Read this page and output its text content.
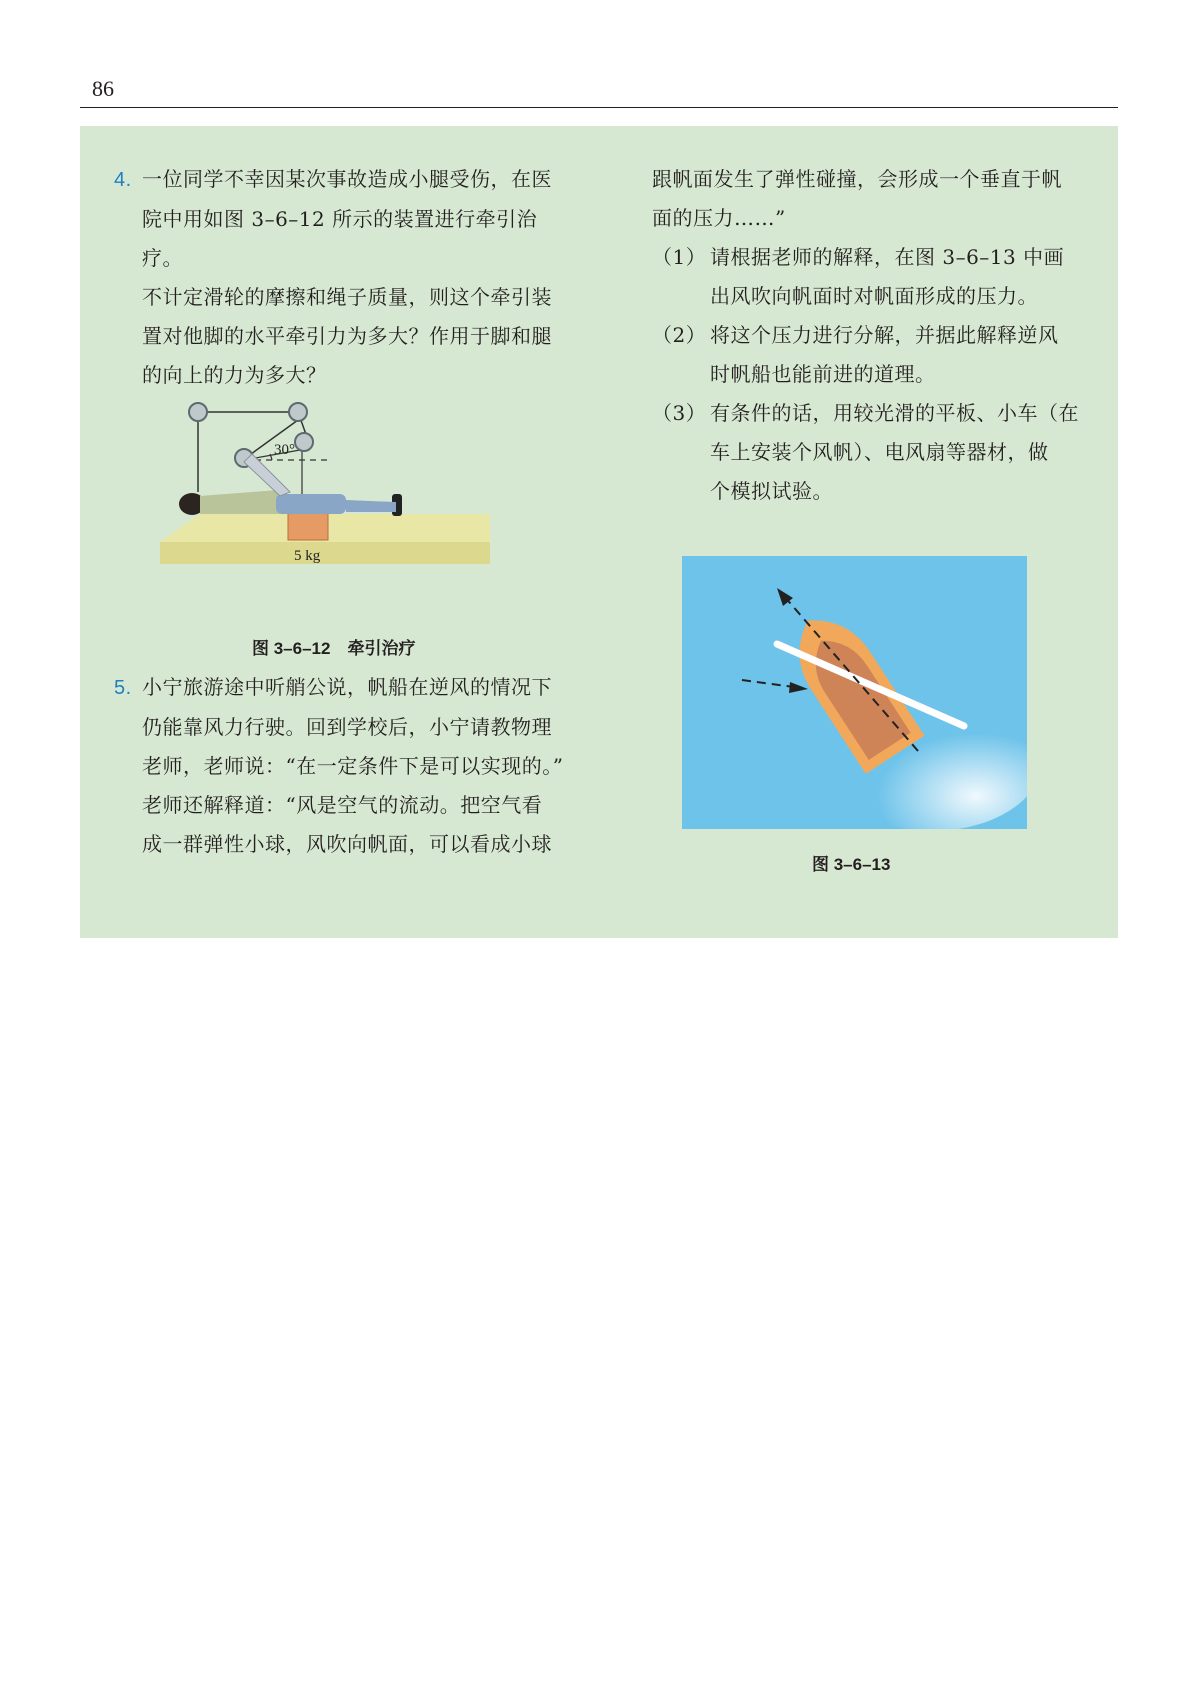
86

4. 一位同学不幸因某次事故造成小腿受伤，在医

院中用如图 3–6–12 所示的装置进行牵引治疗。

不计定滑轮的摩擦和绳子质量，则这个牵引装

置对他脚的水平牵引力为多大？作用于脚和腿

的向上的力为多大？

30°
5 kg
图 3–6–12　牵引治疗

5. 小宁旅游途中听艄公说，帆船在逆风的情况下

仍能靠风力行驶。回到学校后，小宁请教物理

老师，老师说：“在一定条件下是可以实现的。”

老师还解释道：“风是空气的流动。把空气看

成一群弹性小球，风吹向帆面，可以看成小球

跟帆面发生了弹性碰撞，会形成一个垂直于帆

面的压力……”

（1） 请根据老师的解释，在图 3–6–13 中画

出风吹向帆面时对帆面形成的压力。

（2） 将这个压力进行分解，并据此解释逆风

时帆船也能前进的道理。

（3） 有条件的话，用较光滑的平板、小车（在

车上安装个风帆）、电风扇等器材，做

个模拟试验。

图 3–6–13
